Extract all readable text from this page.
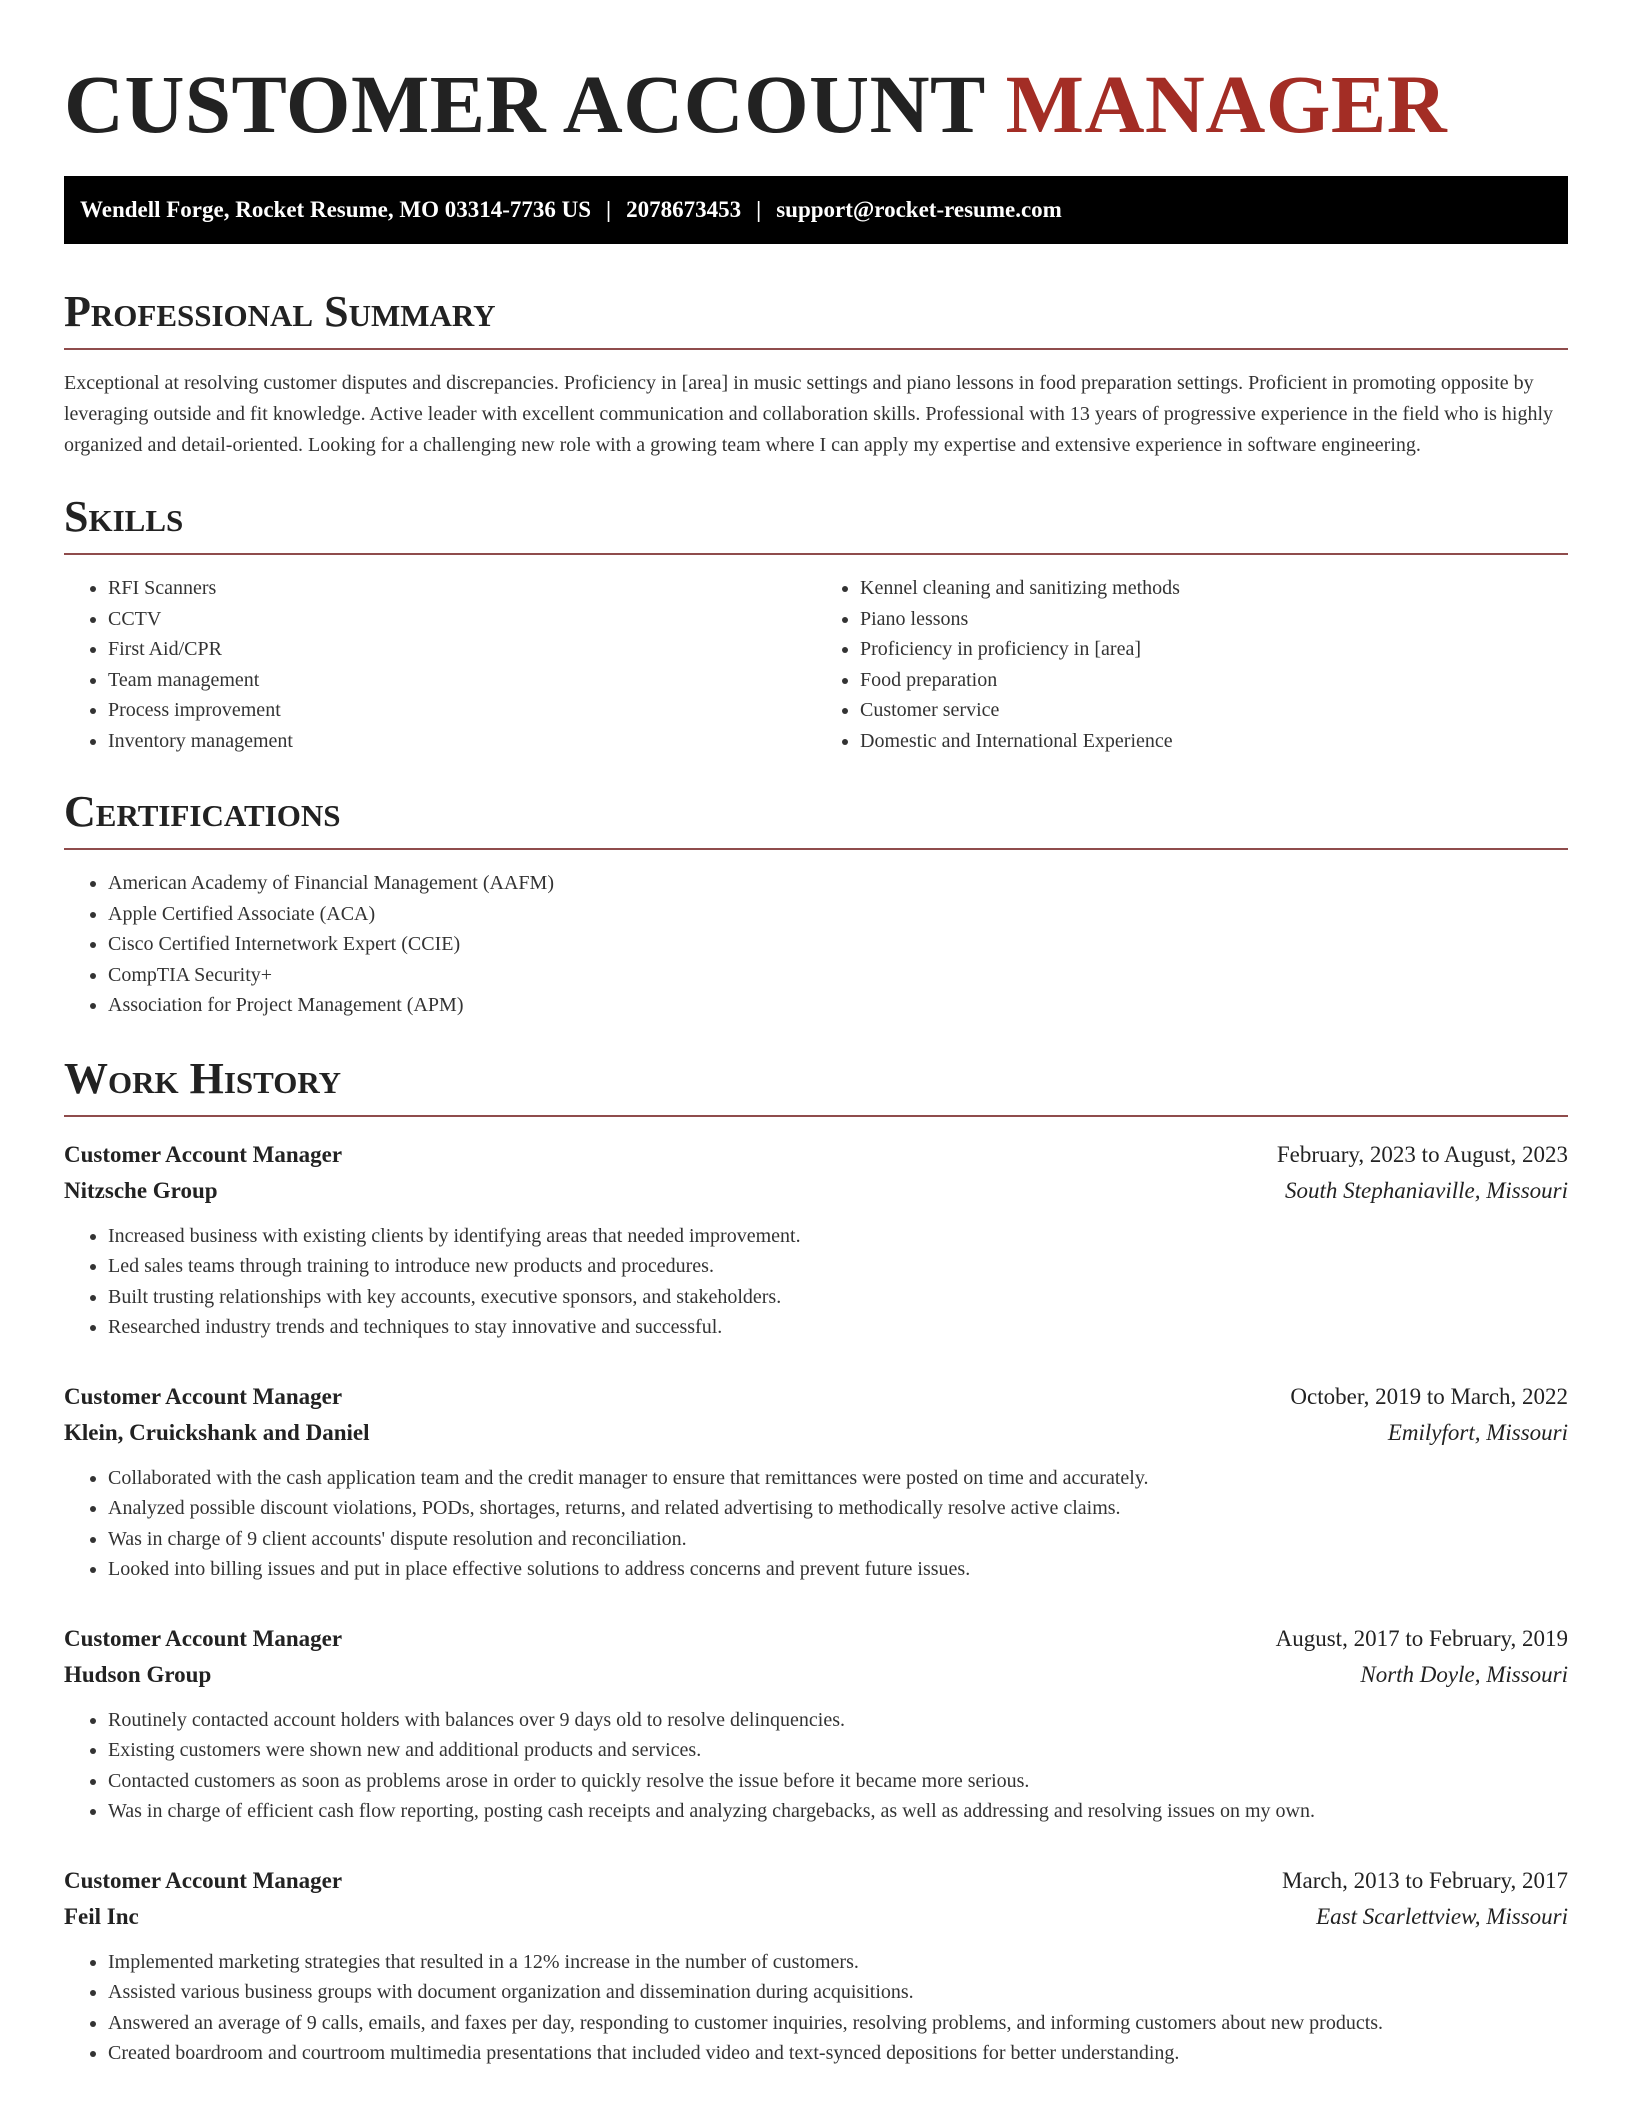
CUSTOMER ACCOUNT MANAGER
Wendell Forge, Rocket Resume, MO 03314-7736 US | 2078673453 | support@rocket-resume.com
Professional Summary

Exceptional at resolving customer disputes and discrepancies. Proficiency in [area] in music settings and piano lessons in food preparation settings. Proficient in promoting opposite by leveraging outside and fit knowledge. Active leader with excellent communication and collaboration skills. Professional with 13 years of progressive experience in the field who is highly organized and detail-oriented. Looking for a challenging new role with a growing team where I can apply my expertise and extensive experience in software engineering.

Skills
• RFI Scanners
• CCTV
• First Aid/CPR
• Team management
• Process improvement
• Inventory management
• Kennel cleaning and sanitizing methods
• Piano lessons
• Proficiency in proficiency in [area]
• Food preparation
• Customer service
• Domestic and International Experience
Certifications
• American Academy of Financial Management (AAFM)
• Apple Certified Associate (ACA)
• Cisco Certified Internetwork Expert (CCIE)
• CompTIA Security+
• Association for Project Management (APM)
Work History
Customer Account Manager	February, 2023 to August, 2023
Nitzsche Group	South Stephaniaville, Missouri
• Increased business with existing clients by identifying areas that needed improvement.
• Led sales teams through training to introduce new products and procedures.
• Built trusting relationships with key accounts, executive sponsors, and stakeholders.
• Researched industry trends and techniques to stay innovative and successful.
Customer Account Manager	October, 2019 to March, 2022
Klein, Cruickshank and Daniel	Emilyfort, Missouri
• Collaborated with the cash application team and the credit manager to ensure that remittances were posted on time and accurately.
• Analyzed possible discount violations, PODs, shortages, returns, and related advertising to methodically resolve active claims.
• Was in charge of 9 client accounts' dispute resolution and reconciliation.
• Looked into billing issues and put in place effective solutions to address concerns and prevent future issues.
Customer Account Manager	August, 2017 to February, 2019
Hudson Group	North Doyle, Missouri
• Routinely contacted account holders with balances over 9 days old to resolve delinquencies.
• Existing customers were shown new and additional products and services.
• Contacted customers as soon as problems arose in order to quickly resolve the issue before it became more serious.
• Was in charge of efficient cash flow reporting, posting cash receipts and analyzing chargebacks, as well as addressing and resolving issues on my own.
Customer Account Manager	March, 2013 to February, 2017
Feil Inc	East Scarlettview, Missouri
• Implemented marketing strategies that resulted in a 12% increase in the number of customers.
• Assisted various business groups with document organization and dissemination during acquisitions.
• Answered an average of 9 calls, emails, and faxes per day, responding to customer inquiries, resolving problems, and informing customers about new products.
• Created boardroom and courtroom multimedia presentations that included video and text-synced depositions for better understanding.
